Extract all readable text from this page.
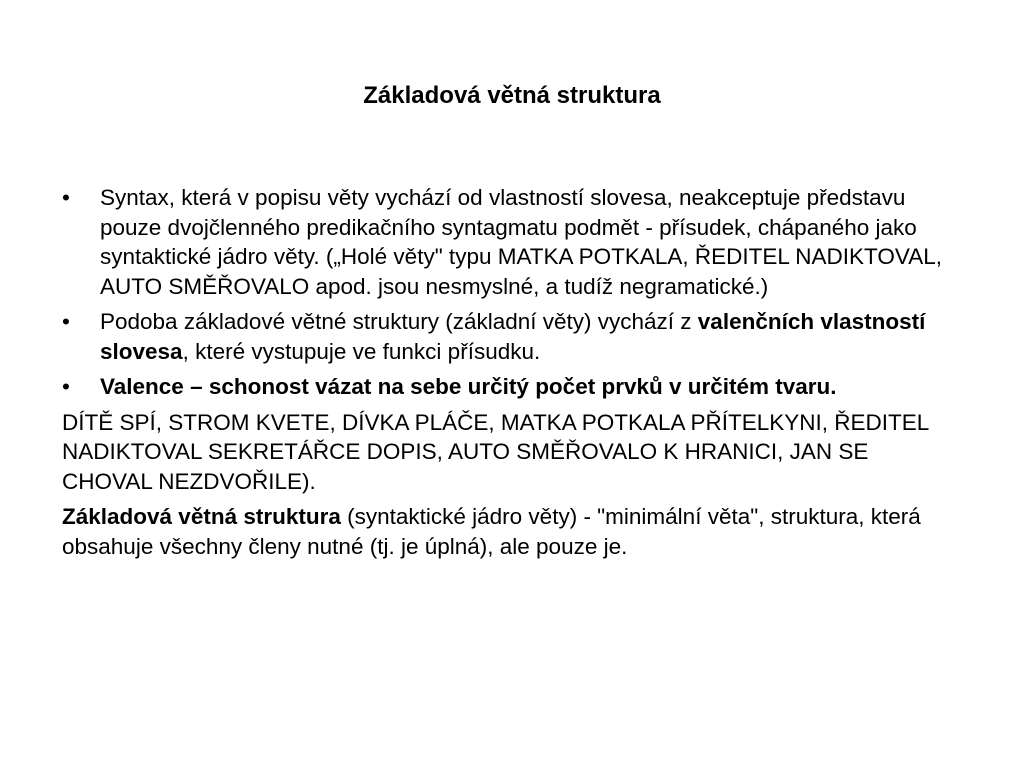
Základová větná struktura
•	Syntax, která v popisu věty vychází od vlastností slovesa, neakceptuje představu pouze dvojčlenného predikačního syntagmatu podmět - přísudek, chápaného jako syntaktické jádro věty. („Holé věty" typu MATKA POTKALA, ŘEDITEL NADIKTOVAL, AUTO SMĚŘOVALO apod. jsou nesmyslné, a tudíž negramatické.)
•	Podoba základové větné struktury (základní věty) vychází z valenčních vlastností slovesa, které vystupuje ve funkci přísudku.
•	Valence – schonost vázat na sebe určitý počet prvků v určitém tvaru.
DÍTĚ SPÍ, STROM KVETE, DÍVKA PLÁČE, MATKA POTKALA PŘÍTELKYNI, ŘEDITEL NADIKTOVAL SEKRETÁŘCE DOPIS, AUTO SMĚŘOVALO K HRANICI, JAN SE CHOVAL NEZDVOŘILE).
Základová větná struktura (syntaktické jádro věty) - "minimální věta", struktura, která obsahuje všechny členy nutné (tj. je úplná), ale pouze je.
